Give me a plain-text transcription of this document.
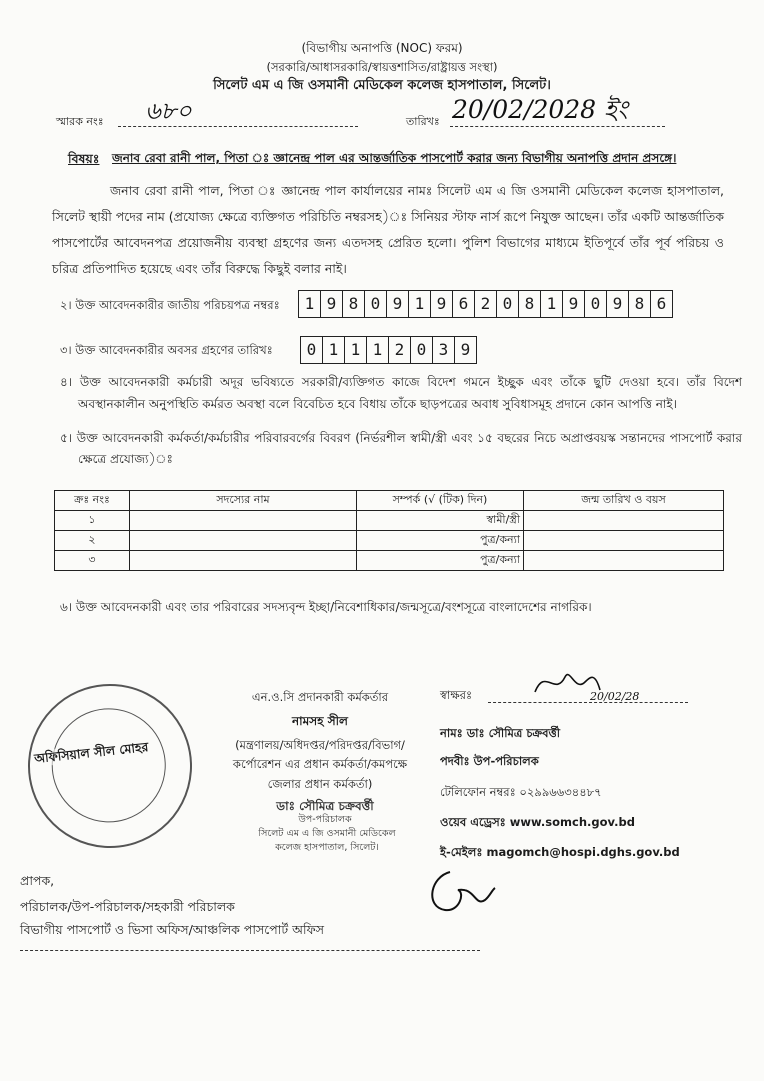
(বিভাগীয় অনাপত্তি (NOC) ফরম)
(সরকারি/আধাসরকারি/স্বায়ত্তশাসিত/রাষ্ট্রায়ত্ত সংস্থা)
সিলেট এম এ জি ওসমানী মেডিকেল কলেজ হাসপাতাল, সিলেট।
স্মারক নংঃ ৬৮০	তারিখঃ 20/02/2028 ইং
বিষয়ঃ জনাব রেবা রানী পাল, পিতা ঃ জ্ঞানেন্দ্র পাল এর আন্তর্জাতিক পাসপোর্ট করার জন্য বিভাগীয় অনাপত্তি প্রদান প্রসঙ্গে।
জনাব রেবা রানী পাল, পিতা ঃ জ্ঞানেন্দ্র পাল কার্যালয়ের নামঃ সিলেট এম এ জি ওসমানী মেডিকেল কলেজ হাসপাতাল, সিলেট স্থায়ী পদের নাম (প্রযোজ্য ক্ষেত্রে ব্যক্তিগত পরিচিতি নম্বরসহ)ঃ সিনিয়র স্টাফ নার্স রূপে নিযুক্ত আছেন। তাঁর একটি আন্তর্জাতিক পাসপোর্টের আবেদনপত্র প্রয়োজনীয় ব্যবস্থা গ্রহণের জন্য এতদসহ প্রেরিত হলো। পুলিশ বিভাগের মাধ্যমে ইতিপূর্বে তাঁর পূর্ব পরিচয় ও চরিত্র প্রতিপাদিত হয়েছে এবং তাঁর বিরুদ্ধে কিছুই বলার নাই।
২। উক্ত আবেদনকারীর জাতীয় পরিচয়পত্র নম্বরঃ	1 9 8 0 9 1 9 6 2 0 8 1 9 0 9 8 6
৩। উক্ত আবেদনকারীর অবসর গ্রহণের তারিখঃ	0 1 1 1 2 0 3 9
৪। উক্ত আবেদনকারী কর্মচারী অদূর ভবিষ্যতে সরকারী/ব্যক্তিগত কাজে বিদেশ গমনে ইচ্ছুক এবং তাঁকে ছুটি দেওয়া হবে। তাঁর বিদেশ অবস্থানকালীন অনুপস্থিতি কর্মরত অবস্থা বলে বিবেচিত হবে বিধায় তাঁকে ছাড়পত্রের অবাধ সুবিধাসমূহ প্রদানে কোন আপত্তি নাই।
৫। উক্ত আবেদনকারী কর্মকর্তা/কর্মচারীর পরিবারবর্গের বিবরণ (নির্ভরশীল স্বামী/স্ত্রী এবং ১৫ বছরের নিচে অপ্রাপ্তবয়স্ক সন্তানদের পাসপোর্ট করার ক্ষেত্রে প্রযোজ্য)ঃ
ক্রঃ নংঃ	সদস্যের নাম	সম্পর্ক (√ (টিক) দিন)	জন্ম তারিখ ও বয়স
১		স্বামী/স্ত্রী	
২		পুত্র/কন্যা	
৩		পুত্র/কন্যা	
৬। উক্ত আবেদনকারী এবং তার পরিবারের সদস্যবৃন্দ ইচ্ছা/নিবেশাধিকার/জন্মসূত্রে/বংশসূত্রে বাংলাদেশের নাগরিক।
অফিসিয়াল সীল মোহর
এন.ও.সি প্রদানকারী কর্মকর্তার
নামসহ সীল
(মন্ত্রণালয়/অধিদপ্তর/পরিদপ্তর/বিভাগ/
কর্পোরেশন এর প্রধান কর্মকর্তা/কমপক্ষে
জেলার প্রধান কর্মকর্তা)
ডাঃ সৌমিত্র চক্রবর্ত্তী
উপ-পরিচালক
সিলেট এম এ জি ওসমানী মেডিকেল
কলেজ হাসপাতাল, সিলেট।
স্বাক্ষরঃ	20/02/28
নামঃ ডাঃ সৌমিত্র চক্রবর্ত্তী
পদবীঃ উপ-পরিচালক
টেলিফোন নম্বরঃ ০২৯৯৬৬৩৪৪৮৭
ওয়েব এড্রেসঃ www.somch.gov.bd
ই-মেইলঃ magomch@hospi.dghs.gov.bd
প্রাপক,
পরিচালক/উপ-পরিচালক/সহকারী পরিচালক
বিভাগীয় পাসপোর্ট ও ভিসা অফিস/আঞ্চলিক পাসপোর্ট অফিস
